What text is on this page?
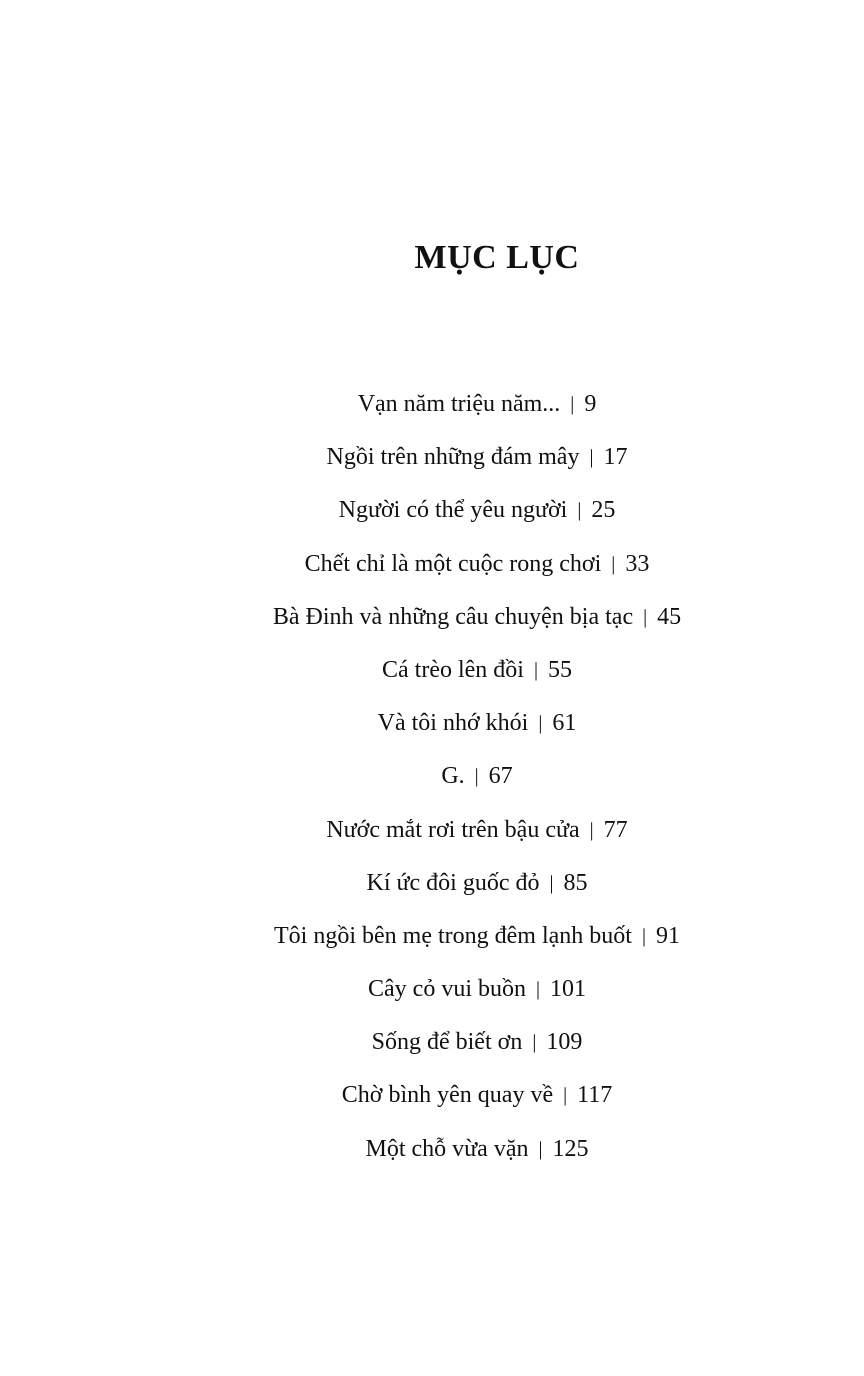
MỤC LỤC
Vạn năm triệu năm... | 9
Ngồi trên những đám mây | 17
Người có thể yêu người | 25
Chết chỉ là một cuộc rong chơi | 33
Bà Đinh và những câu chuyện bịa tạc | 45
Cá trèo lên đồi | 55
Và tôi nhớ khói | 61
G. | 67
Nước mắt rơi trên bậu cửa | 77
Kí ức đôi guốc đỏ | 85
Tôi ngồi bên mẹ trong đêm lạnh buốt | 91
Cây cỏ vui buồn | 101
Sống để biết ơn | 109
Chờ bình yên quay về | 117
Một chỗ vừa vặn | 125
